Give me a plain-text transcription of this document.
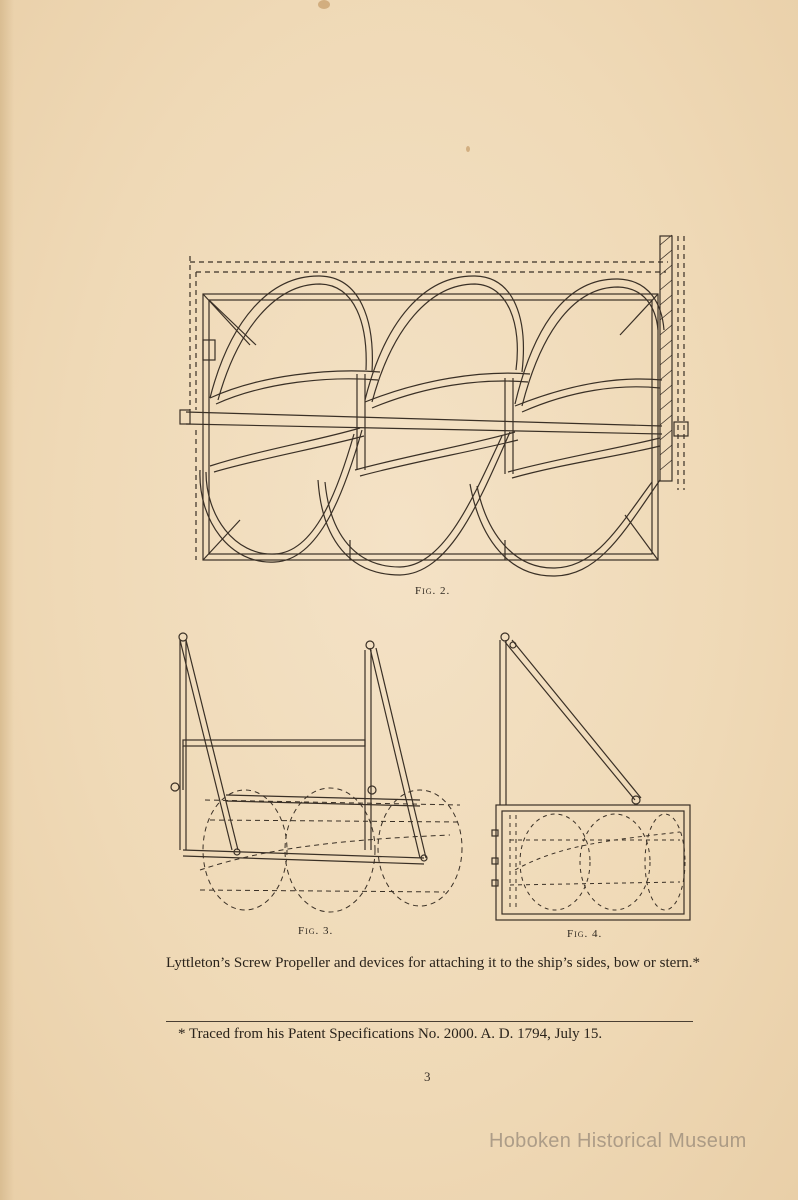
Fig. 2.
Fig. 3.	Fig. 4.
Lyttleton’s Screw Propeller and devices for attaching it to the ship’s sides, bow or stern.*
* Traced from his Patent Specifications No. 2000. A. D. 1794, July 15.
3
Hoboken Historical Museum
